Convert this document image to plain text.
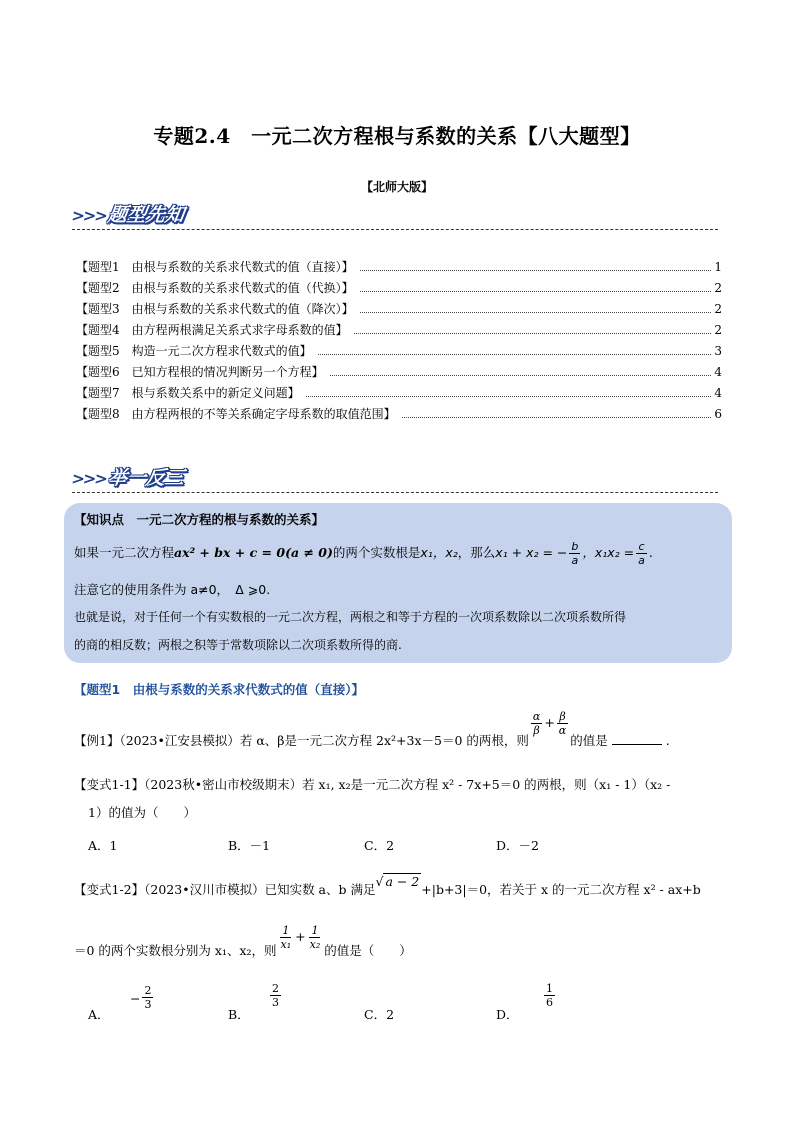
专题2.4　一元二次方程根与系数的关系【八大题型】
【北师大版】
>>>题型先知
【题型1　由根与系数的关系求代数式的值（直接）】	1
【题型2　由根与系数的关系求代数式的值（代换）】	2
【题型3　由根与系数的关系求代数式的值（降次）】	2
【题型4　由方程两根满足关系式求字母系数的值】	2
【题型5　构造一元二次方程求代数式的值】	3
【题型6　已知方程根的情况判断另一个方程】	4
【题型7　根与系数关系中的新定义问题】	4
【题型8　由方程两根的不等关系确定字母系数的取值范围】	6
>>>举一反三
【知识点　一元二次方程的根与系数的关系】
如果一元二次方程ax² + bx + c = 0(a ≠ 0)的两个实数根是x₁，x₂，那么x₁ + x₂ = − $\frac{b}{a}$ ，$x_1x_2 = \frac{c}{a}$ .
注意它的使用条件为 a≠0，　Δ ⩾0.
也就是说，对于任何一个有实数根的一元二次方程，两根之和等于方程的一次项系数除以二次项系数所得
的商的相反数；两根之积等于常数项除以二次项系数所得的商.
【题型1　由根与系数的关系求代数式的值（直接）】
【例1】（2023•江安县模拟）若 α、β是一元二次方程 2x²+3x－5＝0 的两根，则
$\frac{\alpha}{\beta} + \frac{\beta}{\alpha}$
的值是	.
【变式1-1】（2023秋•密山市校级期末）若 x₁, x₂是一元二次方程 x² - 7x+5＝0 的两根，则（x₁ - 1）（x₂ -
1）的值为（　　）
A．1	B．－1	C．2	D．－2
【变式1-2】（2023•汉川市模拟）已知实数 a、b 满足√ a − 2+|b+3|＝0，若关于 x 的一元二次方程 x² - ax+b
＝0 的两个实数根分别为 x₁、x₂，则 $\frac{1}{\text{x₁}} + \frac{1}{\text{x₂}}$ 的值是（　　）
A．
− $\frac{2}{3}$
B．
$\frac{2}{3}$
C．2	D．
$\frac{1}{6}$
